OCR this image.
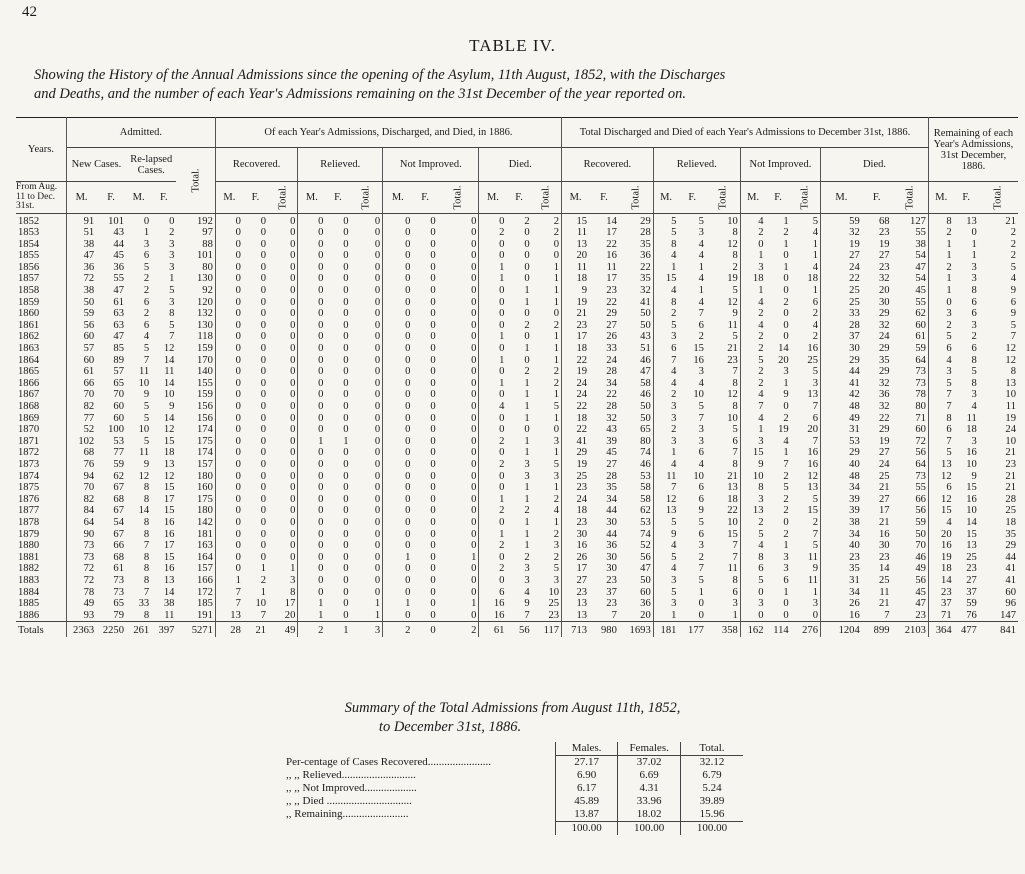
42
TABLE IV.
Showing the History of the Annual Admissions since the opening of the Asylum, 11th August, 1852, with the Discharges
and Deaths, and the number of each Year's Admissions remaining on the 31st December of the year reported on.
Years.	Admitted.					Of each Year's Admissions, Discharged, and Died, in 1886.												Total Discharged and Died of each Year's Admissions to December 31st, 1886.												Remaining of each Year's Admissions, 31st December, 1886.		
	New Cases.		Re-lapsed Cases.		Total.	Recovered.			Relieved.			Not Improved.			Died.			Recovered.			Relieved.			Not Improved.			Died.					
From Aug. 11 to Dec. 31st.	M.	F.	M.	F.		M.	F.	Total.	M.	F.	Total.	M.	F.	Total.	M.	F.	Total.	M.	F.	Total.	M.	F.	Total.	M.	F.	Total.	M.	F.	Total.	M.	F.	Total.
1852	91	101	0	0	192	0	0	0	0	0	0	0	0	0	0	2	2	15	14	29	5	5	10	4	1	5	59	68	127	8	13	21
1853	51	43	1	2	97	0	0	0	0	0	0	0	0	0	2	0	2	11	17	28	5	3	8	2	2	4	32	23	55	2	0	2
1854	38	44	3	3	88	0	0	0	0	0	0	0	0	0	0	0	0	13	22	35	8	4	12	0	1	1	19	19	38	1	1	2
1855	47	45	6	3	101	0	0	0	0	0	0	0	0	0	0	0	0	20	16	36	4	4	8	1	0	1	27	27	54	1	1	2
1856	36	36	5	3	80	0	0	0	0	0	0	0	0	0	1	0	1	11	11	22	1	1	2	3	1	4	24	23	47	2	3	5
1857	72	55	2	1	130	0	0	0	0	0	0	0	0	0	1	0	1	18	17	35	15	4	19	18	0	18	22	32	54	1	3	4
1858	38	47	2	5	92	0	0	0	0	0	0	0	0	0	0	1	1	9	23	32	4	1	5	1	0	1	25	20	45	1	8	9
1859	50	61	6	3	120	0	0	0	0	0	0	0	0	0	0	1	1	19	22	41	8	4	12	4	2	6	25	30	55	0	6	6
1860	59	63	2	8	132	0	0	0	0	0	0	0	0	0	0	0	0	21	29	50	2	7	9	2	0	2	33	29	62	3	6	9
1861	56	63	6	5	130	0	0	0	0	0	0	0	0	0	0	2	2	23	27	50	5	6	11	4	0	4	28	32	60	2	3	5
1862	60	47	4	7	118	0	0	0	0	0	0	0	0	0	1	0	1	17	26	43	3	2	5	2	0	2	37	24	61	5	2	7
1863	57	85	5	12	159	0	0	0	0	0	0	0	0	0	0	1	1	18	33	51	6	15	21	2	14	16	30	29	59	6	6	12
1864	60	89	7	14	170	0	0	0	0	0	0	0	0	0	1	0	1	22	24	46	7	16	23	5	20	25	29	35	64	4	8	12
1865	61	57	11	11	140	0	0	0	0	0	0	0	0	0	0	2	2	19	28	47	4	3	7	2	3	5	44	29	73	3	5	8
1866	66	65	10	14	155	0	0	0	0	0	0	0	0	0	1	1	2	24	34	58	4	4	8	2	1	3	41	32	73	5	8	13
1867	70	70	9	10	159	0	0	0	0	0	0	0	0	0	0	1	1	24	22	46	2	10	12	4	9	13	42	36	78	7	3	10
1868	82	60	5	9	156	0	0	0	0	0	0	0	0	0	4	1	5	22	28	50	3	5	8	7	0	7	48	32	80	7	4	11
1869	77	60	5	14	156	0	0	0	0	0	0	0	0	0	0	1	1	18	32	50	3	7	10	4	2	6	49	22	71	8	11	19
1870	52	100	10	12	174	0	0	0	0	0	0	0	0	0	0	0	0	22	43	65	2	3	5	1	19	20	31	29	60	6	18	24
1871	102	53	5	15	175	0	0	0	1	1	0	0	0	0	2	1	3	41	39	80	3	3	6	3	4	7	53	19	72	7	3	10
1872	68	77	11	18	174	0	0	0	0	0	0	0	0	0	0	1	1	29	45	74	1	6	7	15	1	16	29	27	56	5	16	21
1873	76	59	9	13	157	0	0	0	0	0	0	0	0	0	2	3	5	19	27	46	4	4	8	9	7	16	40	24	64	13	10	23
1874	94	62	12	12	180	0	0	0	0	0	0	0	0	0	0	3	3	25	28	53	11	10	21	10	2	12	48	25	73	12	9	21
1875	70	67	8	15	160	0	0	0	0	0	0	0	0	0	0	1	1	23	35	58	7	6	13	8	5	13	34	21	55	6	15	21
1876	82	68	8	17	175	0	0	0	0	0	0	0	0	0	1	1	2	24	34	58	12	6	18	3	2	5	39	27	66	12	16	28
1877	84	67	14	15	180	0	0	0	0	0	0	0	0	0	2	2	4	18	44	62	13	9	22	13	2	15	39	17	56	15	10	25
1878	64	54	8	16	142	0	0	0	0	0	0	0	0	0	0	1	1	23	30	53	5	5	10	2	0	2	38	21	59	4	14	18
1879	90	67	8	16	181	0	0	0	0	0	0	0	0	0	1	1	2	30	44	74	9	6	15	5	2	7	34	16	50	20	15	35
1880	73	66	7	17	163	0	0	0	0	0	0	0	0	0	2	1	3	16	36	52	4	3	7	4	1	5	40	30	70	16	13	29
1881	73	68	8	15	164	0	0	0	0	0	0	1	0	1	0	2	2	26	30	56	5	2	7	8	3	11	23	23	46	19	25	44
1882	72	61	8	16	157	0	1	1	0	0	0	0	0	0	2	3	5	17	30	47	4	7	11	6	3	9	35	14	49	18	23	41
1883	72	73	8	13	166	1	2	3	0	0	0	0	0	0	0	3	3	27	23	50	3	5	8	5	6	11	31	25	56	14	27	41
1884	78	73	7	14	172	7	1	8	0	0	0	0	0	0	6	4	10	23	37	60	5	1	6	0	1	1	34	11	45	23	37	60
1885	49	65	33	38	185	7	10	17	1	0	1	1	0	1	16	9	25	13	23	36	3	0	3	3	0	3	26	21	47	37	59	96
1886	93	79	8	11	191	13	7	20	1	0	1	0	0	0	16	7	23	13	7	20	1	0	1	0	0	0	16	7	23	71	76	147
Totals	2363	2250	261	397	5271	28	21	49	2	1	3	2	0	2	61	56	117	713	980	1693	181	177	358	162	114	276	1204	899	2103	364	477	841
Summary of the Total Admissions from August 11th, 1852,
to December 31st, 1886.
	Males.	Females.	Total.
Per-centage of Cases Recovered.......................	27.17	37.02	32.12
,, ,, Relieved...........................	6.90	6.69	6.79
,, ,, Not Improved...................	6.17	4.31	5.24
,, ,, Died ...............................	45.89	33.96	39.89
,, Remaining........................	13.87	18.02	15.96
	100.00	100.00	100.00
